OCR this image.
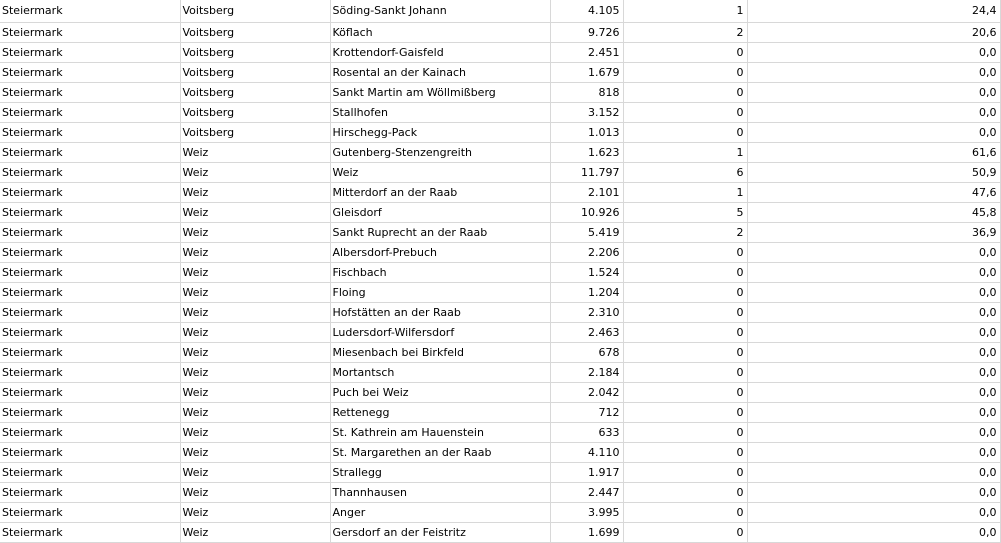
Steiermark	Voitsberg	Söding-Sankt Johann	4.105	1	24,4
Steiermark	Voitsberg	Köflach	9.726	2	20,6
Steiermark	Voitsberg	Krottendorf-Gaisfeld	2.451	0	0,0
Steiermark	Voitsberg	Rosental an der Kainach	1.679	0	0,0
Steiermark	Voitsberg	Sankt Martin am Wöllmißberg	818	0	0,0
Steiermark	Voitsberg	Stallhofen	3.152	0	0,0
Steiermark	Voitsberg	Hirschegg-Pack	1.013	0	0,0
Steiermark	Weiz	Gutenberg-Stenzengreith	1.623	1	61,6
Steiermark	Weiz	Weiz	11.797	6	50,9
Steiermark	Weiz	Mitterdorf an der Raab	2.101	1	47,6
Steiermark	Weiz	Gleisdorf	10.926	5	45,8
Steiermark	Weiz	Sankt Ruprecht an der Raab	5.419	2	36,9
Steiermark	Weiz	Albersdorf-Prebuch	2.206	0	0,0
Steiermark	Weiz	Fischbach	1.524	0	0,0
Steiermark	Weiz	Floing	1.204	0	0,0
Steiermark	Weiz	Hofstätten an der Raab	2.310	0	0,0
Steiermark	Weiz	Ludersdorf-Wilfersdorf	2.463	0	0,0
Steiermark	Weiz	Miesenbach bei Birkfeld	678	0	0,0
Steiermark	Weiz	Mortantsch	2.184	0	0,0
Steiermark	Weiz	Puch bei Weiz	2.042	0	0,0
Steiermark	Weiz	Rettenegg	712	0	0,0
Steiermark	Weiz	St. Kathrein am Hauenstein	633	0	0,0
Steiermark	Weiz	St. Margarethen an der Raab	4.110	0	0,0
Steiermark	Weiz	Strallegg	1.917	0	0,0
Steiermark	Weiz	Thannhausen	2.447	0	0,0
Steiermark	Weiz	Anger	3.995	0	0,0
Steiermark	Weiz	Gersdorf an der Feistritz	1.699	0	0,0
